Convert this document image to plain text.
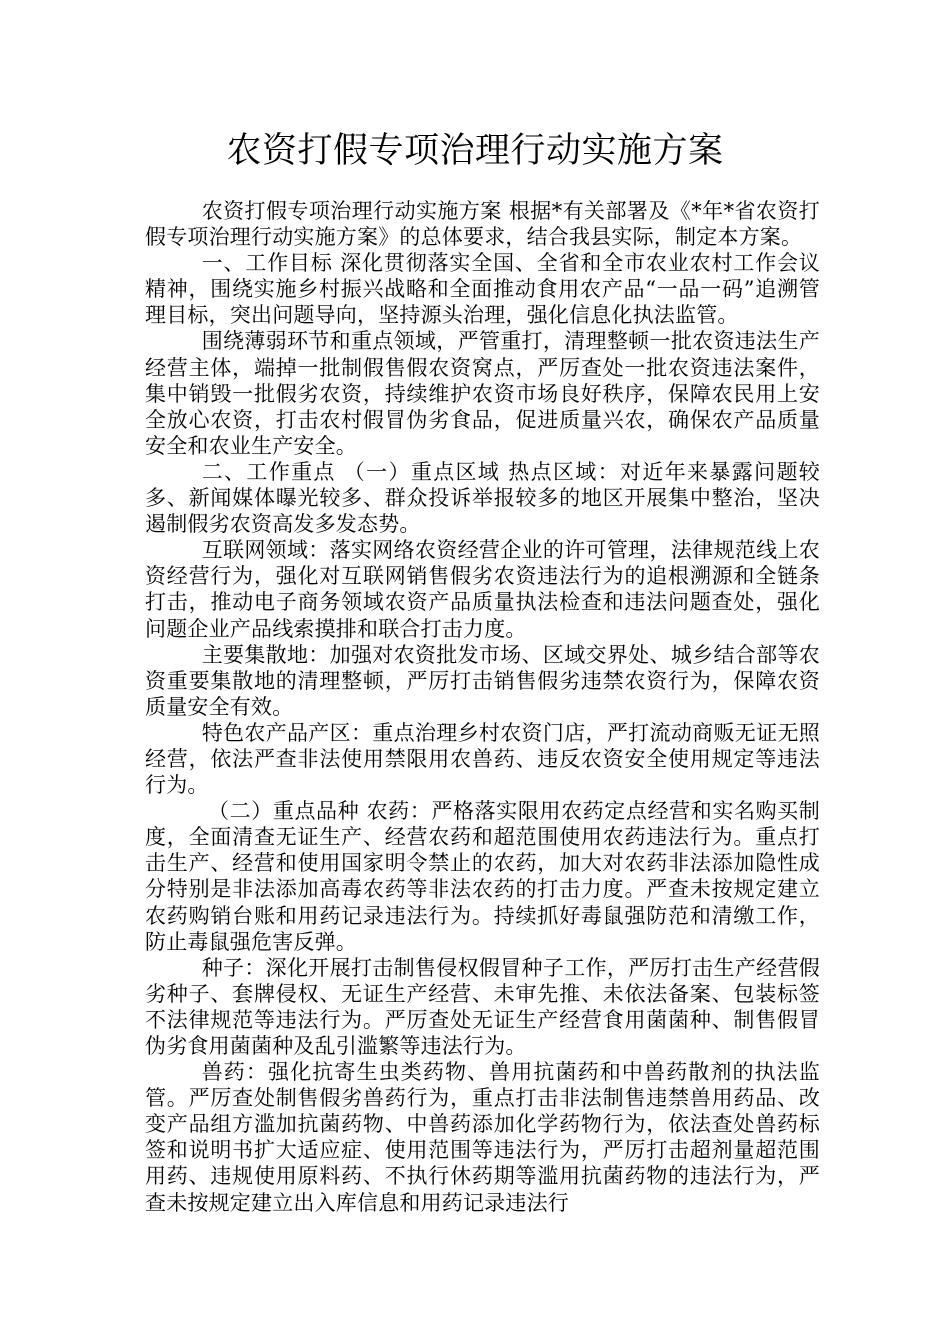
农资打假专项治理行动实施方案

农资打假专项治理行动实施方案 根据*有关部署及《*年*省农资打假专项治理行动实施方案》的总体要求，结合我县实际，制定本方案。

一、工作目标 深化贯彻落实全国、全省和全市农业农村工作会议精神，围绕实施乡村振兴战略和全面推动食用农产品“一品一码”追溯管理目标，突出问题导向，坚持源头治理，强化信息化执法监管。

围绕薄弱环节和重点领域，严管重打，清理整顿一批农资违法生产经营主体，端掉一批制假售假农资窝点，严厉查处一批农资违法案件，集中销毁一批假劣农资，持续维护农资市场良好秩序，保障农民用上安全放心农资，打击农村假冒伪劣食品，促进质量兴农，确保农产品质量安全和农业生产安全。

二、工作重点 （一）重点区域 热点区域：对近年来暴露问题较多、新闻媒体曝光较多、群众投诉举报较多的地区开展集中整治，坚决遏制假劣农资高发多发态势。

互联网领域：落实网络农资经营企业的许可管理，法律规范线上农资经营行为，强化对互联网销售假劣农资违法行为的追根溯源和全链条打击，推动电子商务领域农资产品质量执法检查和违法问题查处，强化问题企业产品线索摸排和联合打击力度。

主要集散地：加强对农资批发市场、区域交界处、城乡结合部等农资重要集散地的清理整顿，严厉打击销售假劣违禁农资行为，保障农资质量安全有效。

特色农产品产区：重点治理乡村农资门店，严打流动商贩无证无照经营，依法严查非法使用禁限用农兽药、违反农资安全使用规定等违法行为。

（二）重点品种 农药：严格落实限用农药定点经营和实名购买制度，全面清查无证生产、经营农药和超范围使用农药违法行为。重点打击生产、经营和使用国家明令禁止的农药，加大对农药非法添加隐性成分特别是非法添加高毒农药等非法农药的打击力度。严查未按规定建立农药购销台账和用药记录违法行为。持续抓好毒鼠强防范和清缴工作，防止毒鼠强危害反弹。

种子：深化开展打击制售侵权假冒种子工作，严厉打击生产经营假劣种子、套牌侵权、无证生产经营、未审先推、未依法备案、包装标签不法律规范等违法行为。严厉查处无证生产经营食用菌菌种、制售假冒伪劣食用菌菌种及乱引滥繁等违法行为。

兽药：强化抗寄生虫类药物、兽用抗菌药和中兽药散剂的执法监管。严厉查处制售假劣兽药行为，重点打击非法制售违禁兽用药品、改变产品组方滥加抗菌药物、中兽药添加化学药物行为，依法查处兽药标签和说明书扩大适应症、使用范围等违法行为，严厉打击超剂量超范围用药、违规使用原料药、不执行休药期等滥用抗菌药物的违法行为，严查未按规定建立出入库信息和用药记录违法行
